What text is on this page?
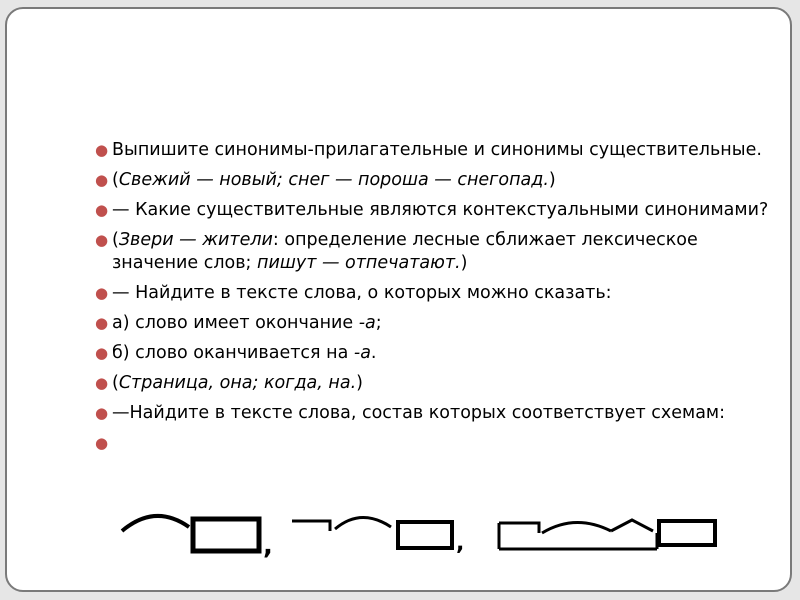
● Выпишите синонимы-прилагательные и синонимы существительные.
● (Свежий — новый; снег — пороша — снегопад.)
● — Какие существительные являются контекстуальными синонимами?
● (Звери — жители: определение лесные сближает лексическое значение слов; пишут — отпечатают.)
● — Найдите в тексте слова, о которых можно сказать:
● а) слово имеет окончание -а;
● б) слово оканчивается на -а.
● (Страница, она; когда, на.)
● —Найдите в тексте слова, состав которых соответствует схемам:
●
,	,
